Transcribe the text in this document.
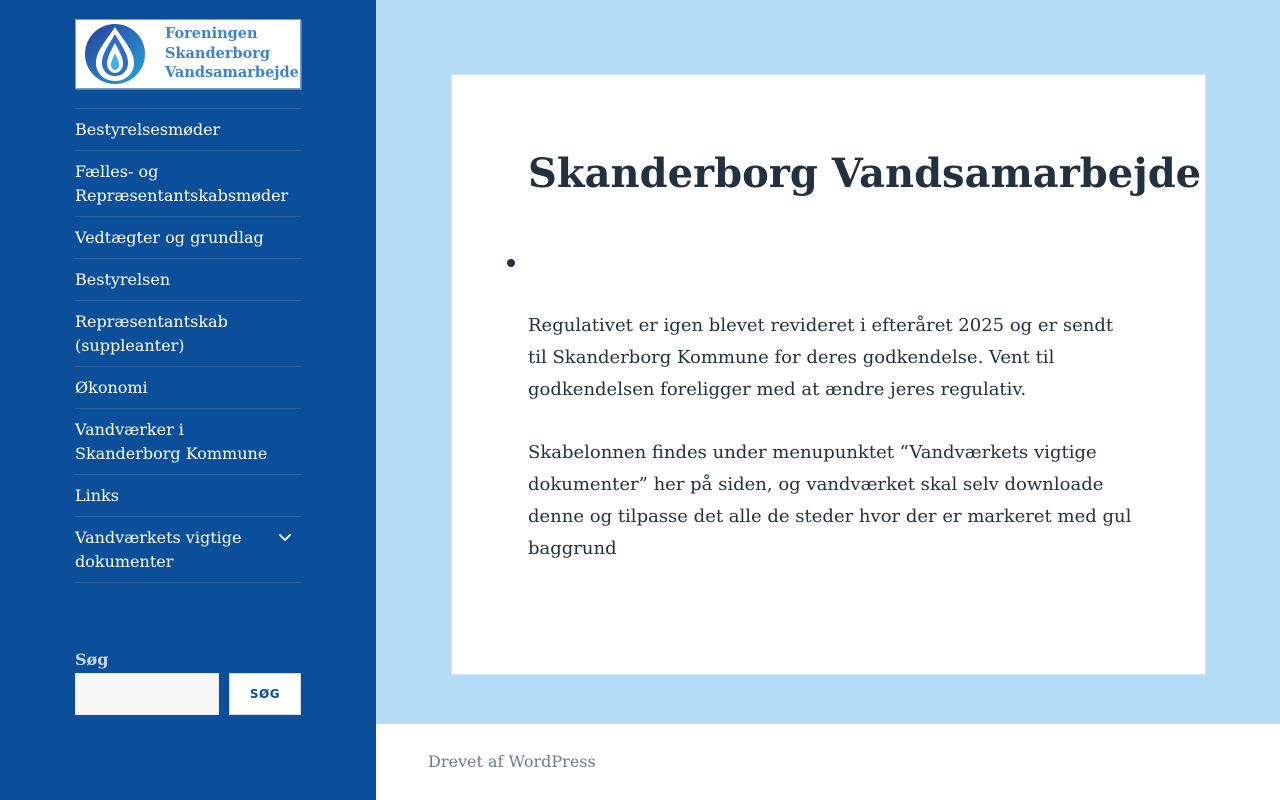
Foreningen
Skanderborg
Vandsamarbejde
Bestyrelsesmøder
Fælles- og Repræsentantskabsmøder
Vedtægter og grundlag
Bestyrelsen
Repræsentantskab (suppleanter)
Økonomi
Vandværker i Skanderborg Kommune
Links
Vandværkets vigtige dokumenter
Søg
SØG
Skanderborg Vandsamarbejde

Regulativet er igen blevet revideret i efteråret 2025 og er sendt til Skanderborg Kommune for deres godkendelse. Vent til godkendelsen foreligger med at ændre jeres regulativ.

Skabelonnen findes under menupunktet “Vandværkets vigtige dokumenter” her på siden, og vandværket skal selv downloade denne og tilpasse det alle de steder hvor der er markeret med gul baggrund

Drevet af WordPress
